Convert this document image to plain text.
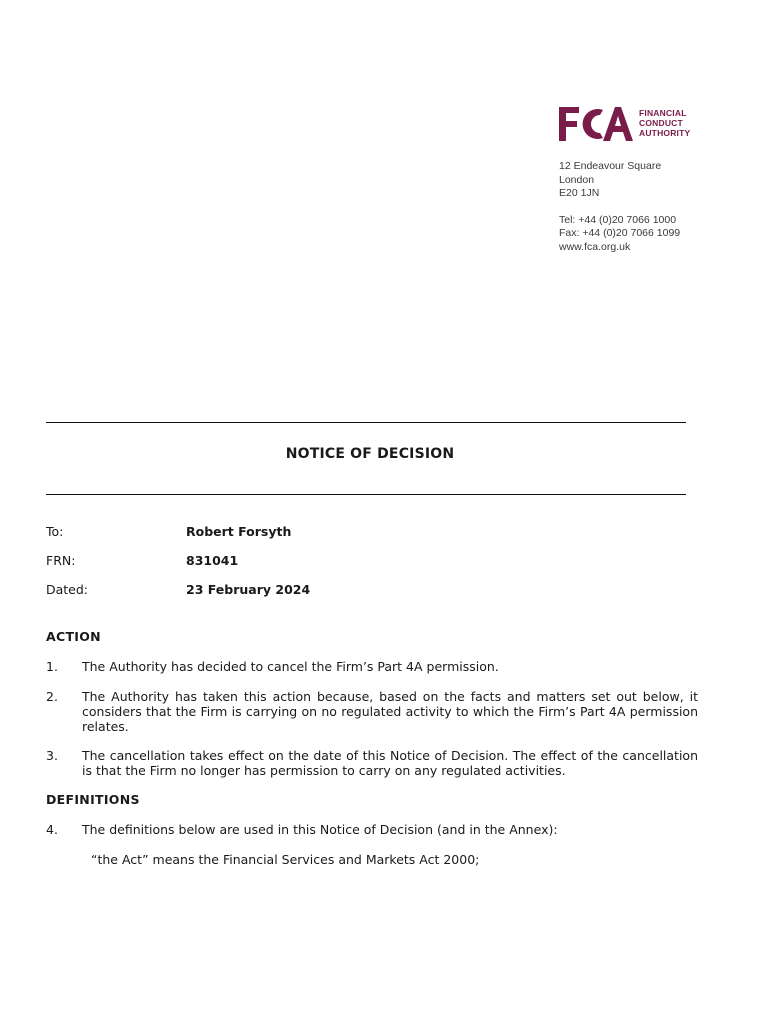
FINANCIAL
CONDUCT
AUTHORITY
12 Endeavour Square
London
E20 1JN
Tel: +44 (0)20 7066 1000
Fax: +44 (0)20 7066 1099
www.fca.org.uk
NOTICE OF DECISION
To:	Robert Forsyth
FRN:	831041
Dated:	23 February 2024
ACTION
1. The Authority has decided to cancel the Firm’s Part 4A permission.
2. The Authority has taken this action because, based on the facts and matters set out below, it considers that the Firm is carrying on no regulated activity to which the Firm’s Part 4A permission relates.
3. The cancellation takes effect on the date of this Notice of Decision. The effect of the cancellation is that the Firm no longer has permission to carry on any regulated activities.
DEFINITIONS
4. The definitions below are used in this Notice of Decision (and in the Annex):
“the Act” means the Financial Services and Markets Act 2000;
